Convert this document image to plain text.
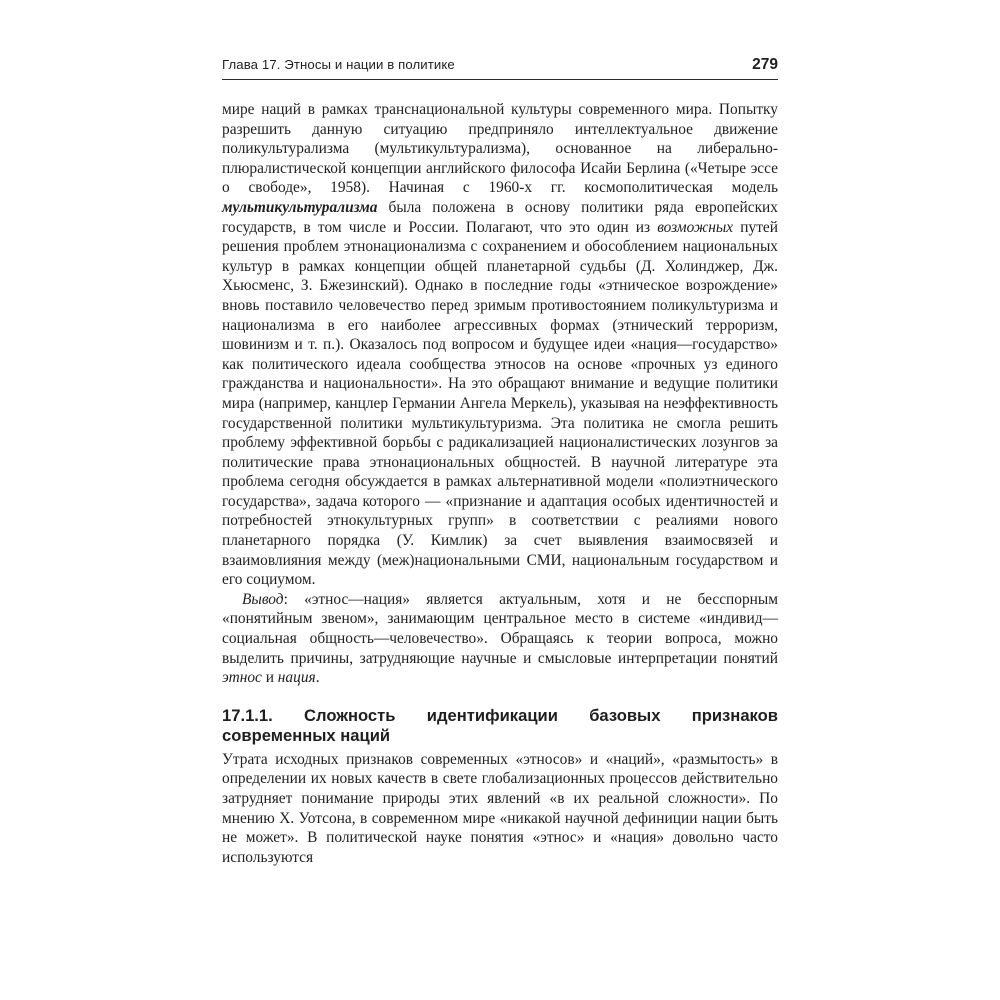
Глава 17. Этносы и нации в политике	279

мире наций в рамках транснациональной культуры современного мира. Попытку разрешить данную ситуацию предприняло интеллектуальное движение поликультурализма (мультикультурализма), основанное на либерально-плюралистической концепции английского философа Исайи Берлина («Четыре эссе о свободе», 1958). Начиная с 1960-х гг. космополитическая модель мультикультурализма была положена в основу политики ряда европейских государств, в том числе и России. Полагают, что это один из возможных путей решения проблем этнонационализма с сохранением и обособлением национальных культур в рамках концепции общей планетарной судьбы (Д. Холинджер, Дж. Хьюсменс, З. Бжезинский). Однако в последние годы «этническое возрождение» вновь поставило человечество перед зримым противостоянием поликультуризма и национализма в его наиболее агрессивных формах (этнический терроризм, шовинизм и т. п.). Оказалось под вопросом и будущее идеи «нация—государство» как политического идеала сообщества этносов на основе «прочных уз единого гражданства и национальности». На это обращают внимание и ведущие политики мира (например, канцлер Германии Ангела Меркель), указывая на неэффективность государственной политики мультикультуризма. Эта политика не смогла решить проблему эффективной борьбы с радикализацией националистических лозунгов за политические права этнонациональных общностей. В научной литературе эта проблема сегодня обсуждается в рамках альтернативной модели «полиэтнического государства», задача которого — «признание и адаптация особых идентичностей и потребностей этнокультурных групп» в соответствии с реалиями нового планетарного порядка (У. Кимлик) за счет выявления взаимосвязей и взаимовлияния между (меж)национальными СМИ, национальным государством и его социумом.

Вывод: «этнос—нация» является актуальным, хотя и не бесспорным «понятийным звеном», занимающим центральное место в системе «индивид—социальная общность—человечество». Обращаясь к теории вопроса, можно выделить причины, затрудняющие научные и смысловые интерпретации понятий этнос и нация.

17.1.1. Сложность идентификации базовых признаков современных наций

Утрата исходных признаков современных «этносов» и «наций», «размытость» в определении их новых качеств в свете глобализационных процессов действительно затрудняет понимание природы этих явлений «в их реальной сложности». По мнению Х. Уотсона, в современном мире «никакой научной дефиниции нации быть не может». В политической науке понятия «этнос» и «нация» довольно часто используются
